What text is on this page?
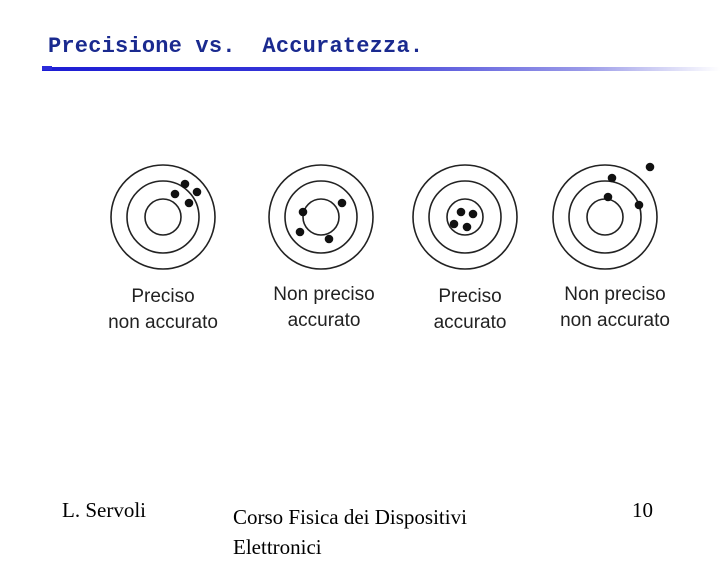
Precisione vs.  Accuratezza.
Preciso
non accurato
Non preciso
accurato
Preciso
accurato
Non preciso
non accurato
L. Servoli	Corso Fisica dei Dispositivi Elettronici
10
